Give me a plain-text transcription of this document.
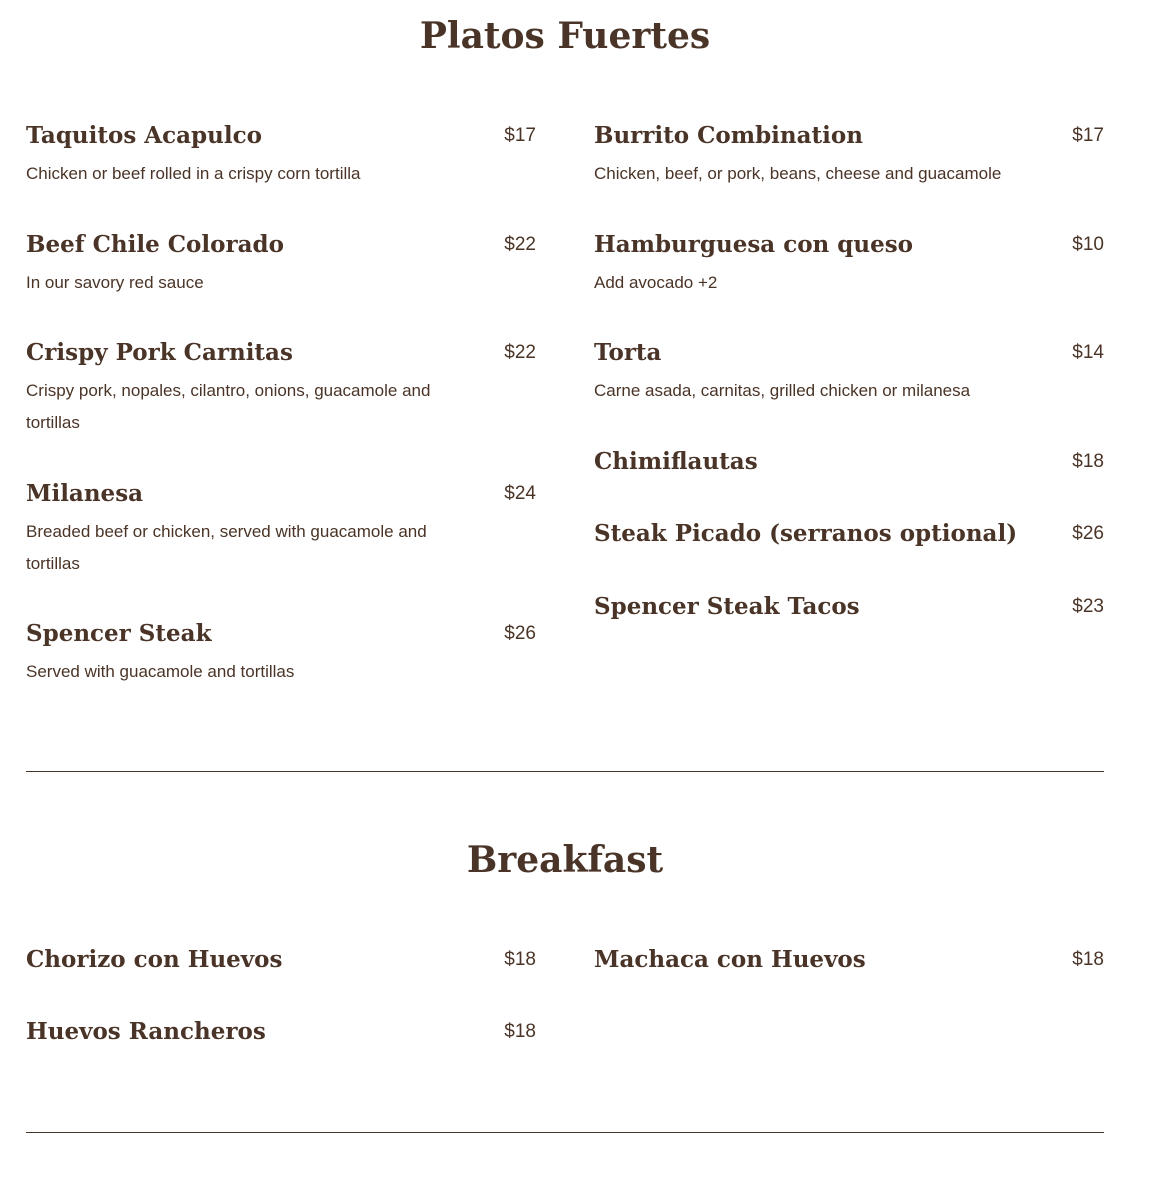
Platos Fuertes
Taquitos Acapulco	$17
Chicken or beef rolled in a crispy corn tortilla
Beef Chile Colorado	$22
In our savory red sauce
Crispy Pork Carnitas	$22
Crispy pork, nopales, cilantro, onions, guacamole and tortillas
Milanesa	$24
Breaded beef or chicken, served with guacamole and tortillas
Spencer Steak	$26
Served with guacamole and tortillas
Burrito Combination	$17
Chicken, beef, or pork, beans, cheese and guacamole
Hamburguesa con queso	$10
Add avocado +2
Torta	$14
Carne asada, carnitas, grilled chicken or milanesa
Chimiflautas	$18
Steak Picado (serranos optional)	$26
Spencer Steak Tacos	$23
Breakfast
Chorizo con Huevos	$18
Huevos Rancheros	$18
Machaca con Huevos	$18
